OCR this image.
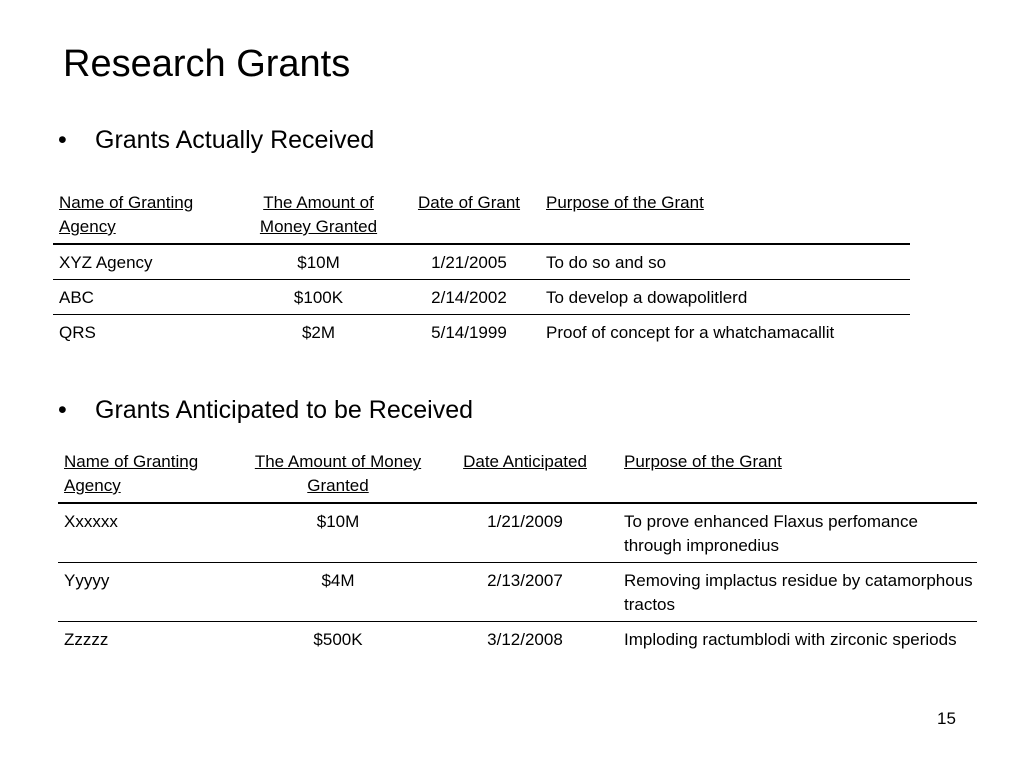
Research Grants
• Grants Actually Received
Name of Granting Agency	The Amount of Money Granted	Date of Grant	Purpose of the Grant
XYZ Agency	$10M	1/21/2005	To do so and so
ABC	$100K	2/14/2002	To develop a dowapolitlerd
QRS	$2M	5/14/1999	Proof of concept for a whatchamacallit
• Grants Anticipated to be Received
Name of Granting Agency	The Amount of Money Granted	Date Anticipated	Purpose of the Grant
Xxxxxx	$10M	1/21/2009	To prove enhanced Flaxus perfomance through impronedius
Yyyyy	$4M	2/13/2007	Removing implactus residue by catamorphous tractos
Zzzzz	$500K	3/12/2008	Imploding ractumblodi with zirconic speriods
15
